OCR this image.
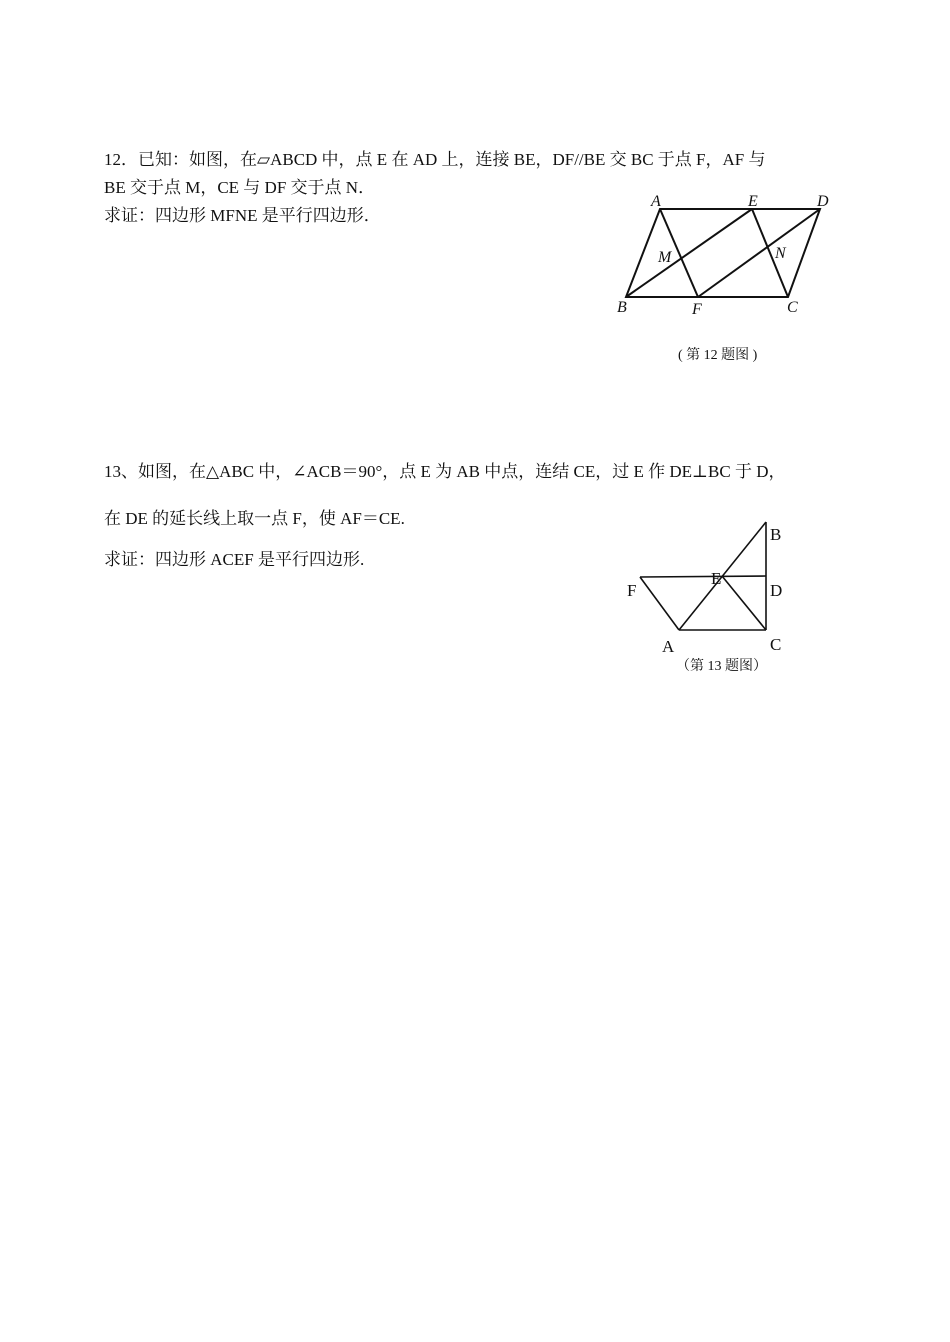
12．已知：如图，在▱ABCD 中，点 E 在 AD 上，连接 BE，DF//BE 交 BC 于点 F，AF 与
BE 交于点 M，CE 与 DF 交于点 N．
求证：四边形 MFNE 是平行四边形．
A	E	D
M	N
B	F	C
( 第 12 题图 )
13、如图，在△ABC 中，∠ACB＝90°，点 E 为 AB 中点，连结 CE，过 E 作 DE⊥BC 于 D，
在 DE 的延长线上取一点 F，使 AF＝CE.
求证：四边形 ACEF 是平行四边形.
B
F
E
D
A	C
（第 13 题图）
